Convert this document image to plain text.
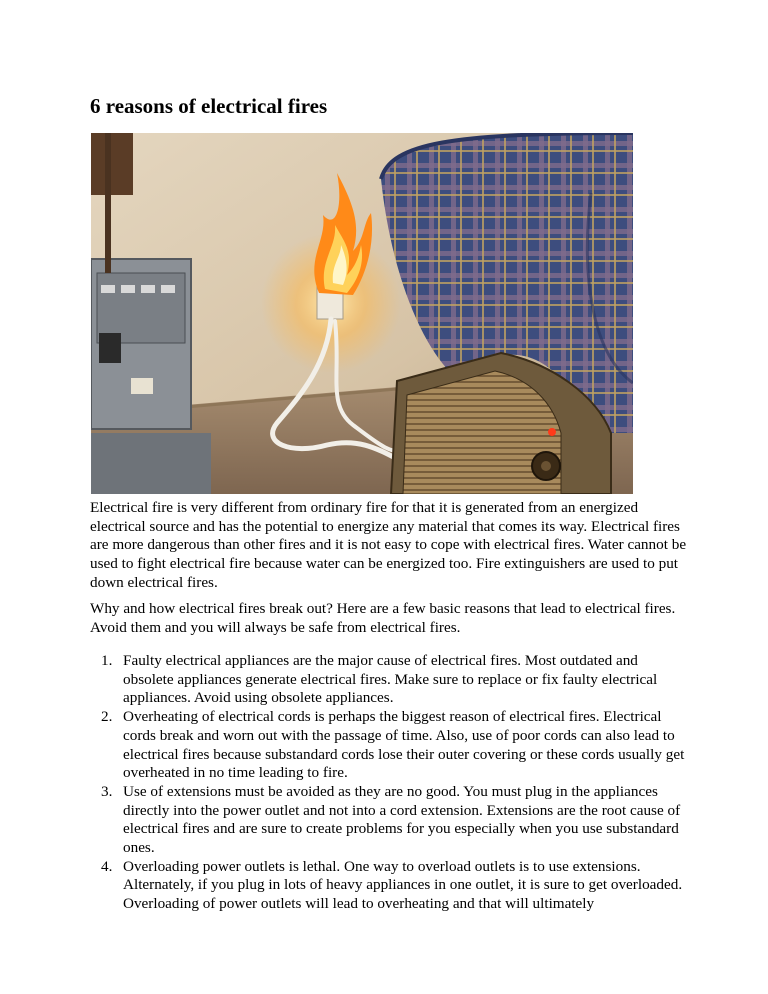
6 reasons of electrical fires

Electrical fire is very different from ordinary fire for that it is generated from an energized electrical source and has the potential to energize any material that comes its way. Electrical fires are more dangerous than other fires and it is not easy to cope with electrical fires. Water cannot be used to fight electrical fire because water can be energized too. Fire extinguishers are used to put down electrical fires.

Why and how electrical fires break out? Here are a few basic reasons that lead to electrical fires. Avoid them and you will always be safe from electrical fires.

1. Faulty electrical appliances are the major cause of electrical fires. Most outdated and obsolete appliances generate electrical fires. Make sure to replace or fix faulty electrical appliances. Avoid using obsolete appliances.
2. Overheating of electrical cords is perhaps the biggest reason of electrical fires. Electrical cords break and worn out with the passage of time. Also, use of poor cords can also lead to electrical fires because substandard cords lose their outer covering or these cords usually get overheated in no time leading to fire.
3. Use of extensions must be avoided as they are no good. You must plug in the appliances directly into the power outlet and not into a cord extension. Extensions are the root cause of electrical fires and are sure to create problems for you especially when you use substandard ones.
4. Overloading power outlets is lethal. One way to overload outlets is to use extensions. Alternately, if you plug in lots of heavy appliances in one outlet, it is sure to get overloaded. Overloading of power outlets will lead to overheating and that will ultimately
